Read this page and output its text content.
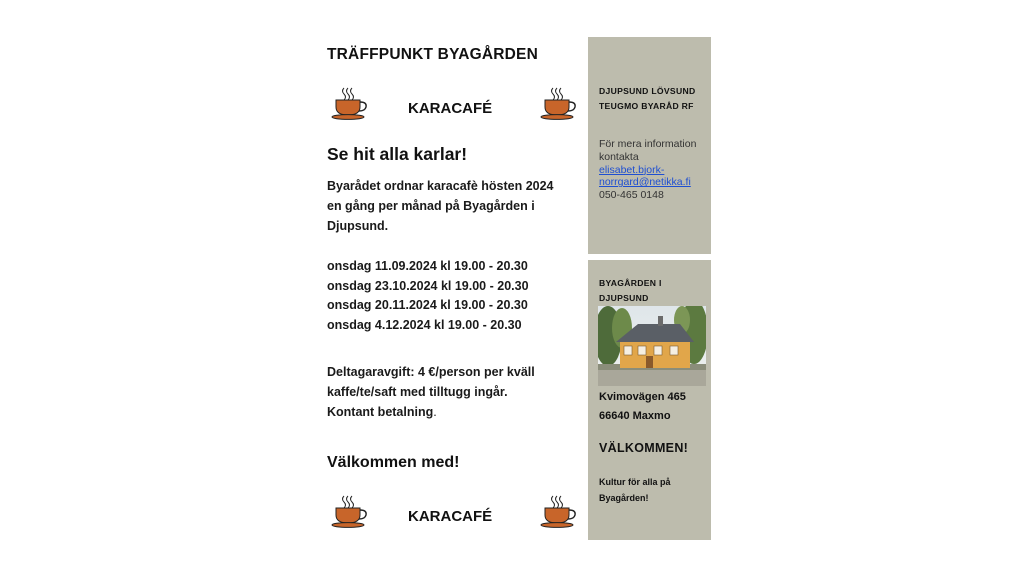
TRÄFFPUNKT BYAGÅRDEN
KARACAFÉ
Se hit alla karlar!
Byarådet ordnar karacafè hösten 2024
en gång per månad på Byagården i
Djupsund.
onsdag 11.09.2024 kl 19.00 - 20.30
onsdag 23.10.2024 kl 19.00 - 20.30
onsdag 20.11.2024 kl 19.00 - 20.30
onsdag 4.12.2024 kl 19.00 - 20.30
Deltagaravgift: 4 €/person per kväll
kaffe/te/saft med tilltugg ingår.
Kontant betalning.
Välkommen med!
KARACAFÉ
DJUPSUND LÖVSUND
TEUGMO BYARÅD RF
För mera information
kontakta
elisabet.bjork-
norrgard@netikka.fi
050-465 0148
BYAGÅRDEN I
DJUPSUND
Kvimovägen 465
66640 Maxmo
VÄLKOMMEN!
Kultur för alla på
Byagården!
